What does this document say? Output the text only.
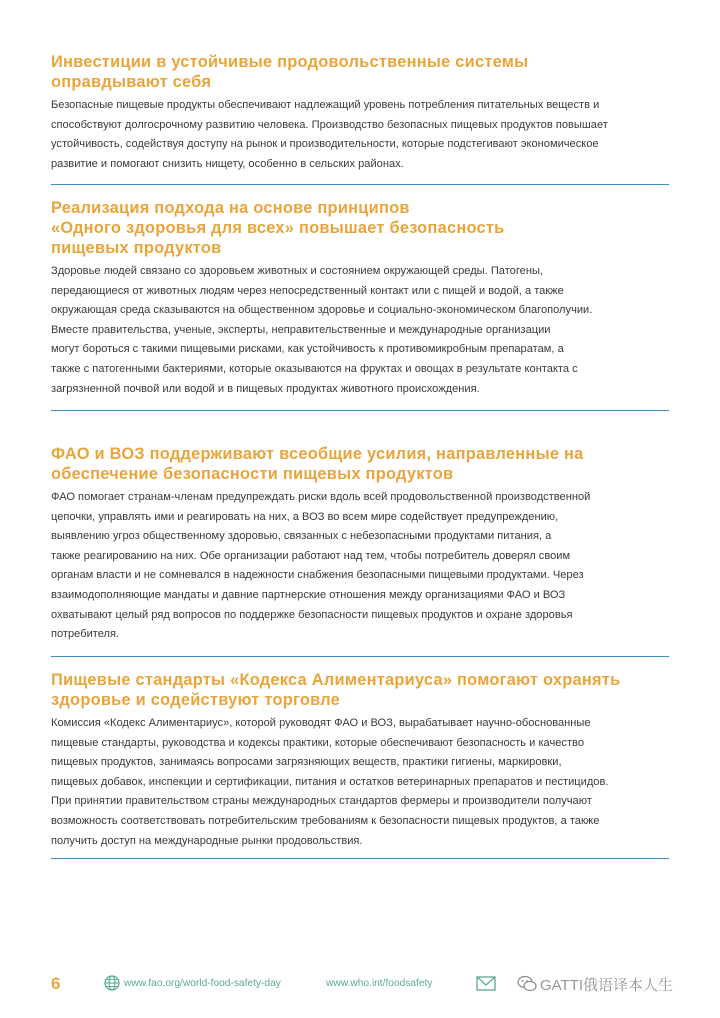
Инвестиции в устойчивые продовольственные системы
оправдывают себя
Безопасные пищевые продукты обеспечивают надлежащий уровень потребления питательных веществ и
способствуют долгосрочному развитию человека. Производство безопасных пищевых продуктов повышает
устойчивость, содействуя доступу на рынок и производительности, которые подстегивают экономическое
развитие и помогают снизить нищету, особенно в сельских районах.
Реализация подхода на основе принципов
«Одного здоровья для всех» повышает безопасность
пищевых продуктов
Здоровье людей связано со здоровьем животных и состоянием окружающей среды. Патогены,
передающиеся от животных людям через непосредственный контакт или с пищей и водой, а также
окружающая среда сказываются на общественном здоровье и социально-экономическом благополучии.
Вместе правительства, ученые, эксперты, неправительственные и международные организации
могут бороться с такими пищевыми рисками, как устойчивость к противомикробным препаратам, а
также с патогенными бактериями, которые оказываются на фруктах и овощах в результате контакта с
загрязненной почвой или водой и в пищевых продуктах животного происхождения.
ФАО и ВОЗ поддерживают всеобщие усилия, направленные на
обеспечение безопасности пищевых продуктов
ФАО помогает странам-членам предупреждать риски вдоль всей продовольственной производственной
цепочки, управлять ими и реагировать на них, а ВОЗ во всем мире содействует предупреждению,
выявлению угроз общественному здоровью, связанных с небезопасными продуктами питания, а
также реагированию на них. Обе организации работают над тем, чтобы потребитель доверял своим
органам власти и не сомневался в надежности снабжения безопасными пищевыми продуктами. Через
взаимодополняющие мандаты и давние партнерские отношения между организациями ФАО и ВОЗ
охватывают целый ряд вопросов по поддержке безопасности пищевых продуктов и охране здоровья
потребителя.
Пищевые стандарты «Кодекса Алиментариуса» помогают охранять
здоровье и содействуют торговле
Комиссия «Кодекс Алиментариус», которой руководят ФАО и ВОЗ, вырабатывает научно-обоснованные
пищевые стандарты, руководства и кодексы практики, которые обеспечивают безопасность и качество
пищевых продуктов, занимаясь вопросами загрязняющих веществ, практики гигиены, маркировки,
пищевых добавок, инспекции и сертификации, питания и остатков ветеринарных препаратов и пестицидов.
При принятии правительством страны международных стандартов фермеры и производители получают
возможность соответствовать потребительским требованиям к безопасности пищевых продуктов, а также
получить доступ на международные рынки продовольствия.
6	www.fao.org/world-food-safety-day	www.who.int/foodsafety	GATTI俄语译本人生
